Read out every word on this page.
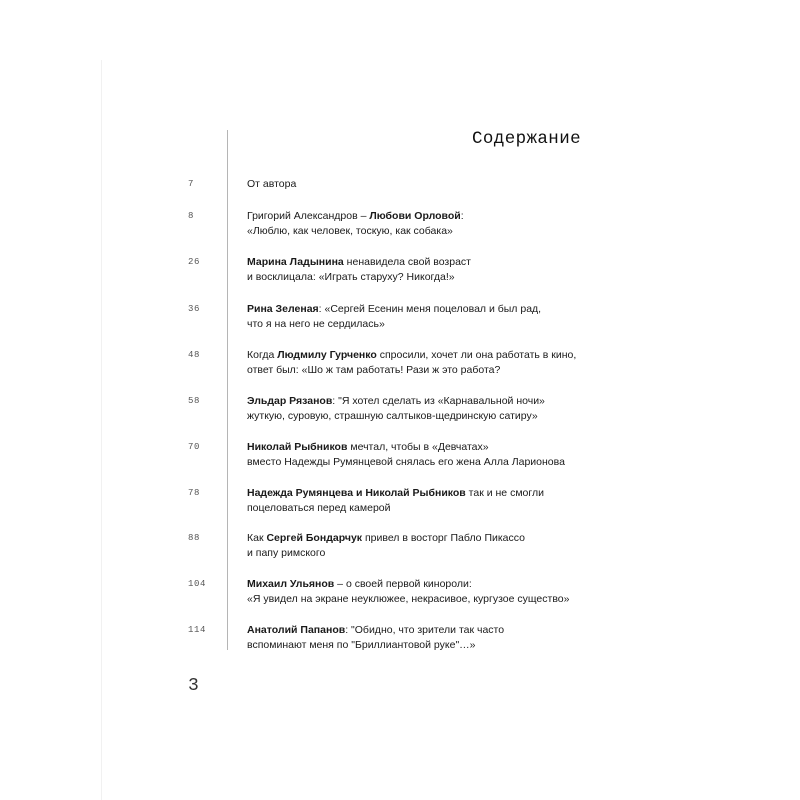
Содержание
7	От автора
8	Григорий Александров – Любови Орловой:
«Люблю, как человек, тоскую, как собака»
26	Марина Ладынина ненавидела свой возраст
и восклицала: «Играть старуху? Никогда!»
36	Рина Зеленая: «Сергей Есенин меня поцеловал и был рад,
что я на него не сердилась»
48	Когда Людмилу Гурченко спросили, хочет ли она работать в кино,
ответ был: «Шо ж там работать! Рази ж это работа?
58	Эльдар Рязанов: "Я хотел сделать из «Карнавальной ночи»
жуткую, суровую, страшную салтыков-щедринскую сатиру»
70	Николай Рыбников мечтал, чтобы в «Девчатах»
вместо Надежды Румянцевой снялась его жена Алла Ларионова
78	Надежда Румянцева и Николай Рыбников так и не смогли
поцеловаться перед камерой
88	Как Сергей Бондарчук привел в восторг Пабло Пикассо
и папу римского
104	Михаил Ульянов – о своей первой кинороли:
«Я увидел на экране неуклюжее, некрасивое, кургузое существо»
114	Анатолий Папанов: "Обидно, что зрители так часто
вспоминают меня по "Бриллиантовой руке"…»
3
